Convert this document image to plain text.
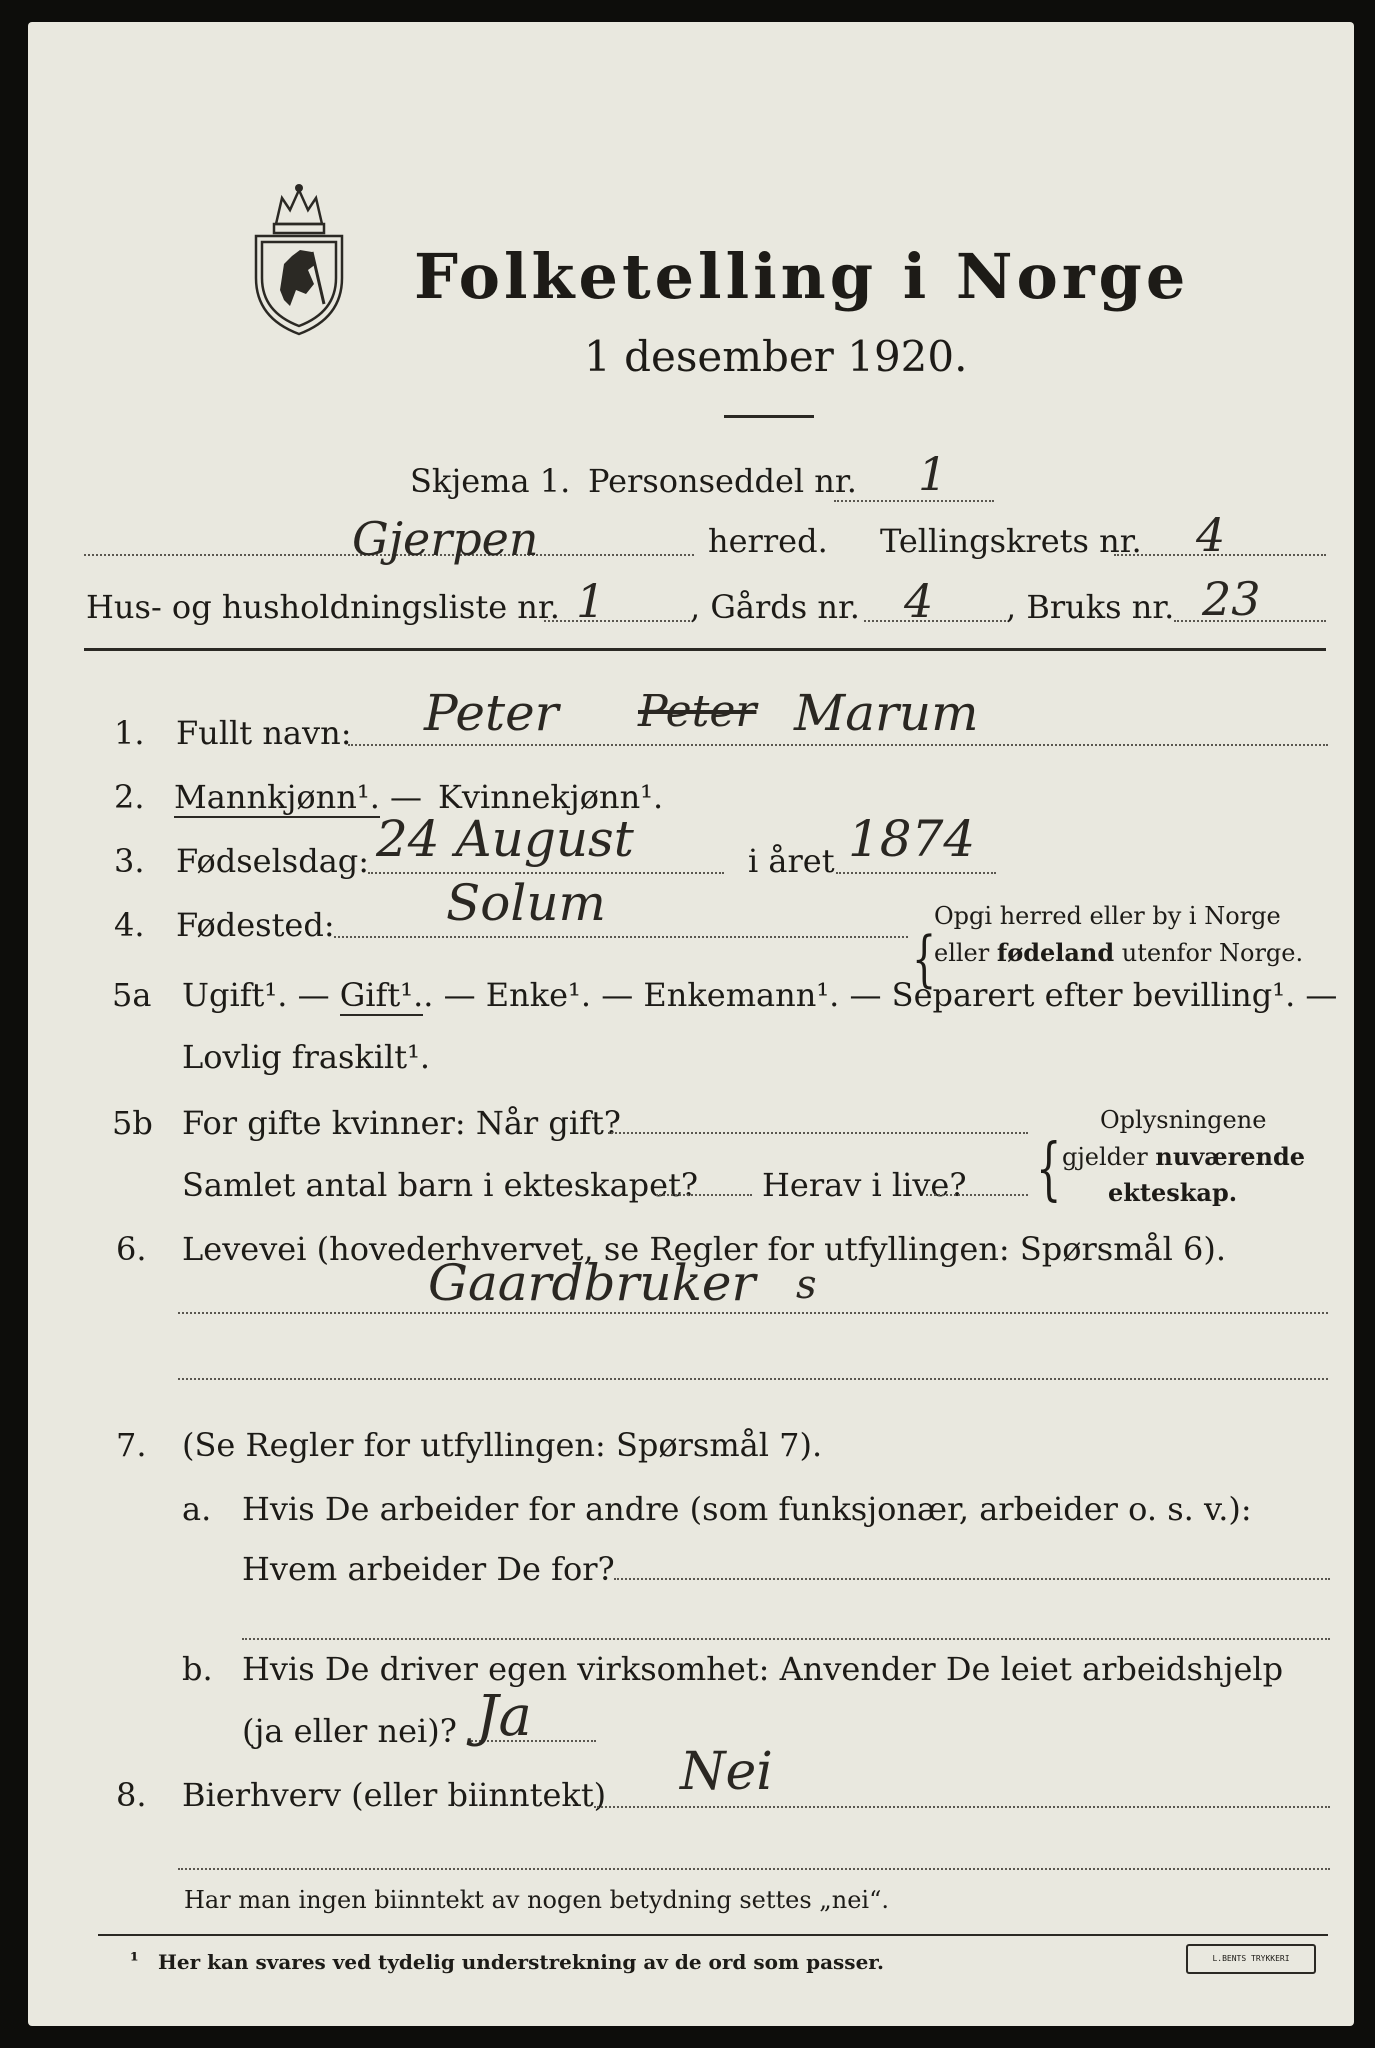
Folketelling i Norge
1 desember 1920.
Skjema 1. Personseddel nr. 1
Gjerpen	herred. Tellingskrets nr. 4
Hus- og husholdningsliste nr. 1	, Gårds nr. 4 , Bruks nr. 23
1. Fullt navn: Peter Peter Marum
2. Mannkjønn¹. — Kvinnekjønn¹.
3. Fødselsdag: 24 August	i året 1874
4. Fødested: Solum
{
Opgi herred eller by i Norge
eller fødeland utenfor Norge.
5a Ugift¹. — Gift¹.. — Enke¹. — Enkemann¹. — Separert efter bevilling¹. —
Lovlig fraskilt¹.
5b For gifte kvinner: Når gift?
Samlet antal barn i ekteskapet? Herav i live? {
Oplysningene
gjelder nuværende
ekteskap.
6. Levevei (hovederhvervet, se Regler for utfyllingen: Spørsmål 6).
Gaardbruker s
7. (Se Regler for utfyllingen: Spørsmål 7).
a. Hvis De arbeider for andre (som funksjonær, arbeider o. s. v.):
Hvem arbeider De for?
b. Hvis De driver egen virksomhet: Anvender De leiet arbeidshjelp
(ja eller nei)? Ja
8. Bierhverv (eller biinntekt) Nei
Har man ingen biinntekt av nogen betydning settes „nei“.
¹ Her kan svares ved tydelig understrekning av de ord som passer.	L.BENTS TRYKKERI
